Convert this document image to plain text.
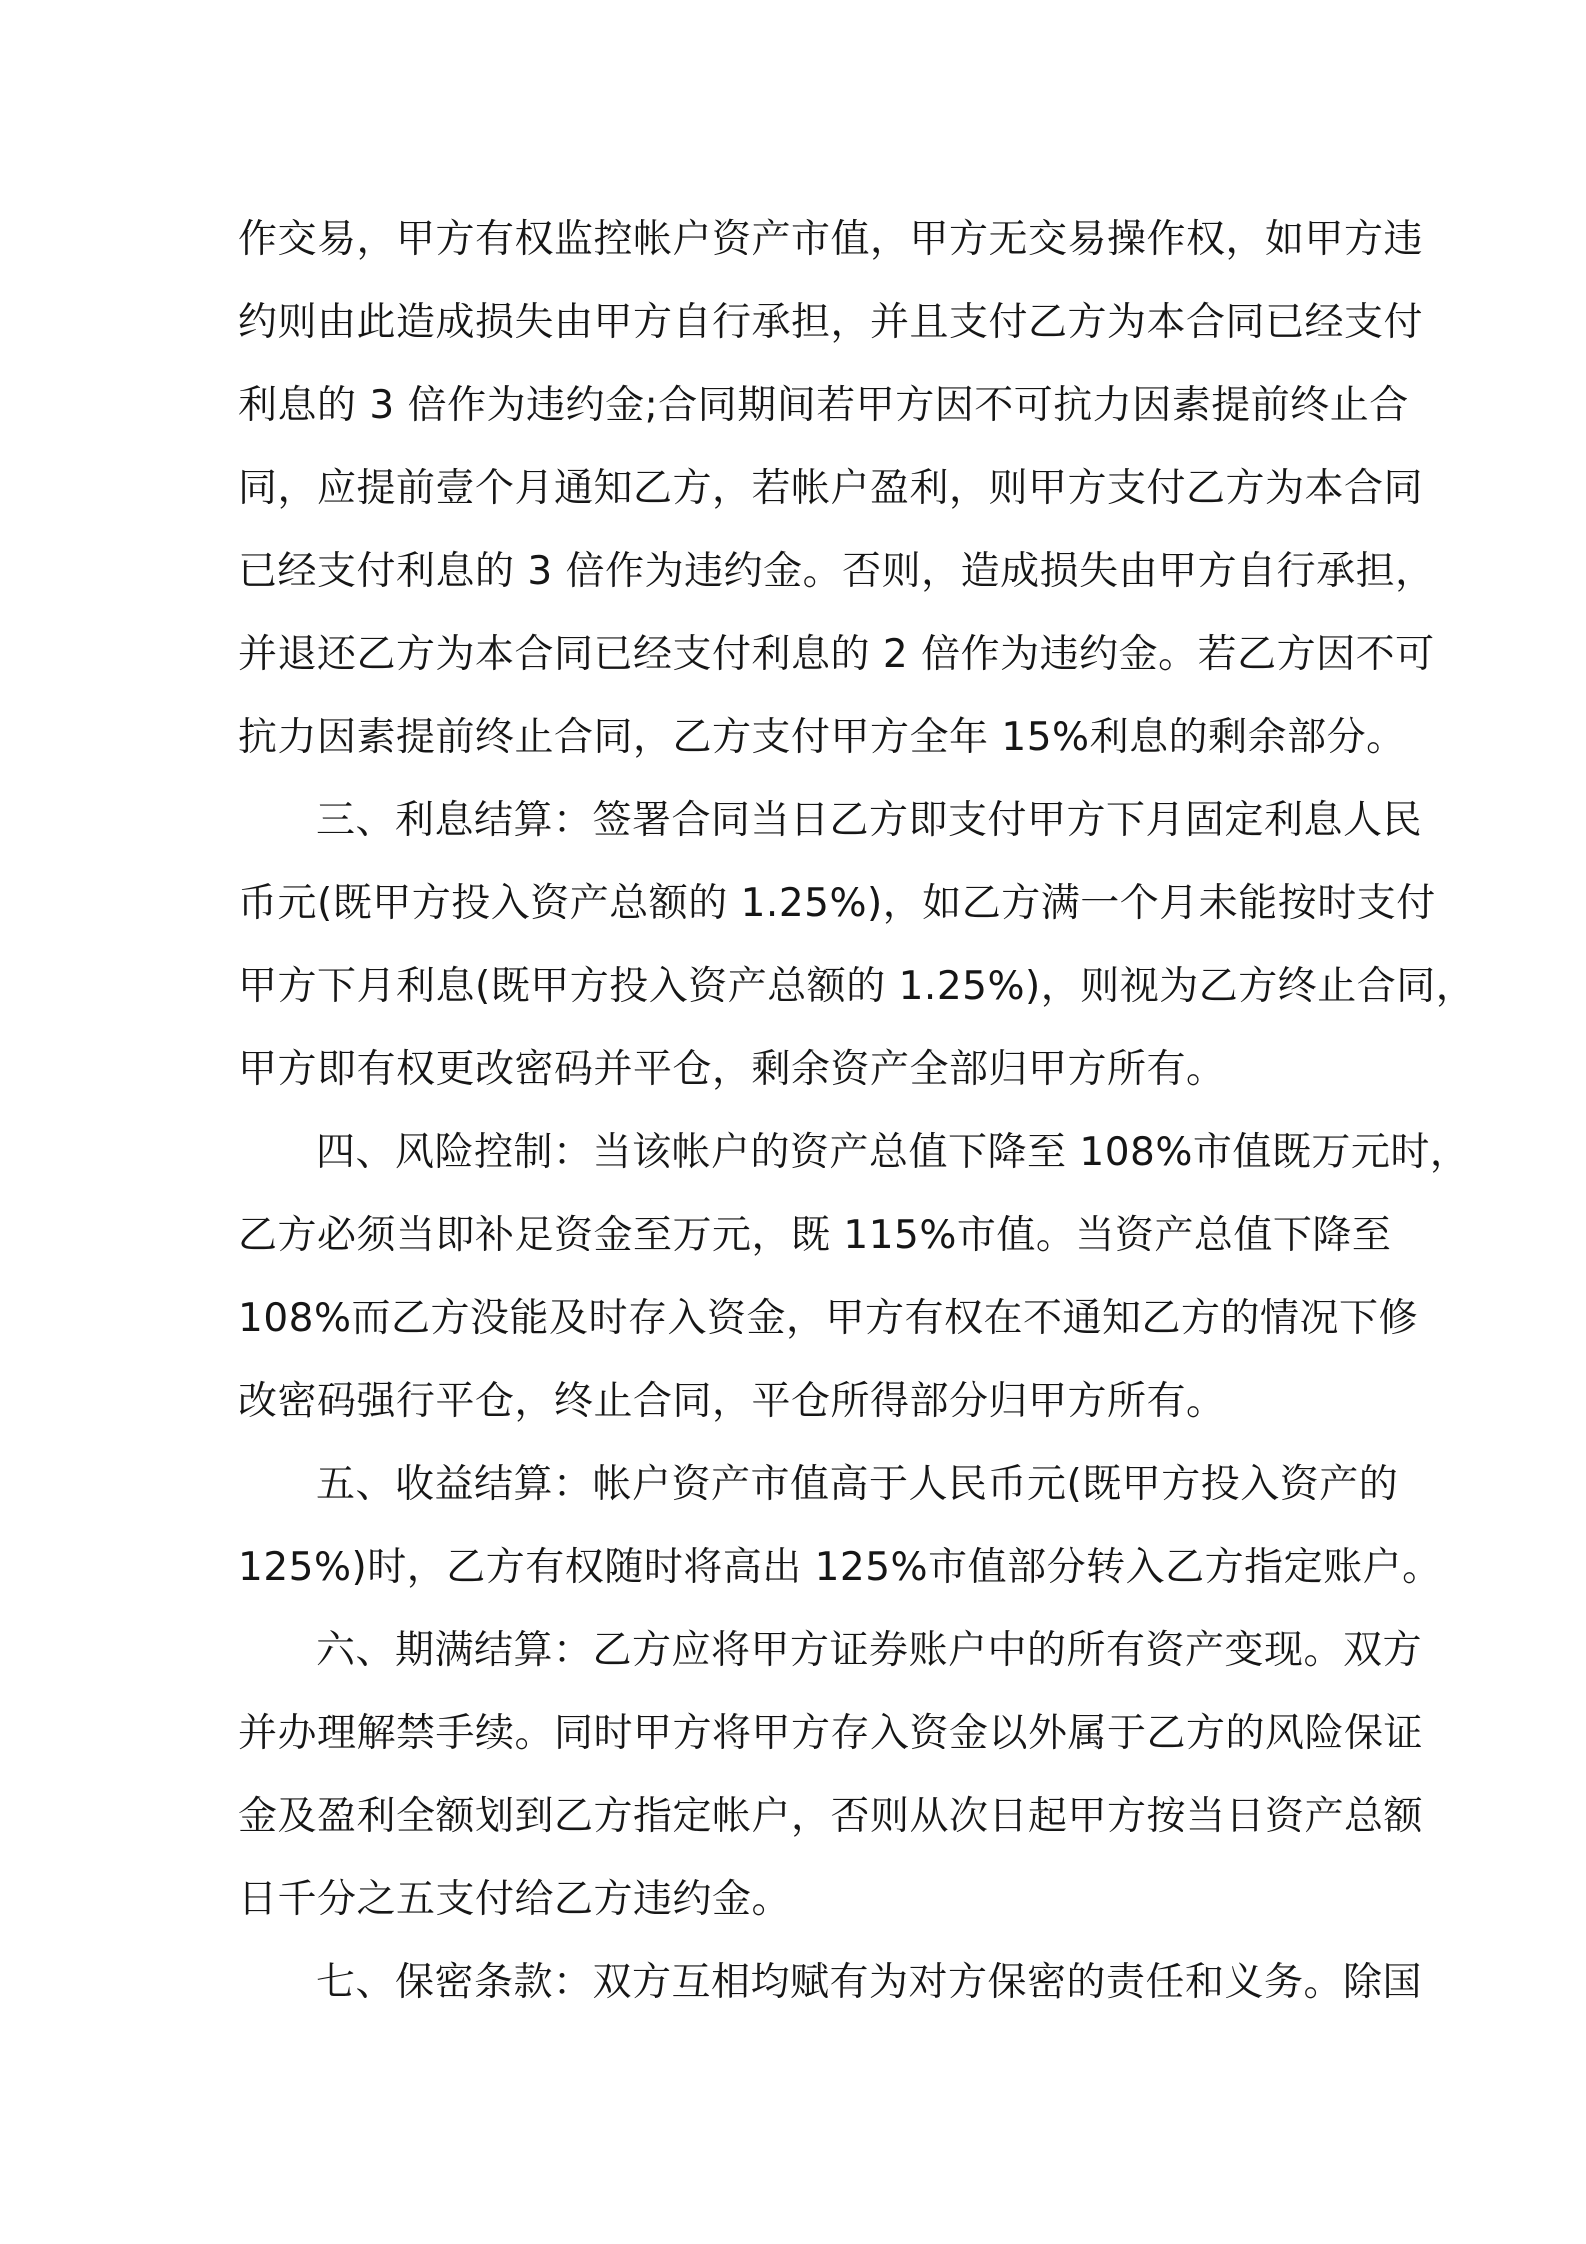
作交易，甲方有权监控帐户资产市值，甲方无交易操作权，如甲方违
约则由此造成损失由甲方自行承担，并且支付乙方为本合同已经支付
利息的 3 倍作为违约金;合同期间若甲方因不可抗力因素提前终止合
同，应提前壹个月通知乙方，若帐户盈利，则甲方支付乙方为本合同
已经支付利息的 3 倍作为违约金。否则，造成损失由甲方自行承担，
并退还乙方为本合同已经支付利息的 2 倍作为违约金。若乙方因不可
抗力因素提前终止合同，乙方支付甲方全年 15%利息的剩余部分。
三、利息结算：签署合同当日乙方即支付甲方下月固定利息人民
币元(既甲方投入资产总额的 1.25%)，如乙方满一个月未能按时支付
甲方下月利息(既甲方投入资产总额的 1.25%)，则视为乙方终止合同，
甲方即有权更改密码并平仓，剩余资产全部归甲方所有。
四、风险控制：当该帐户的资产总值下降至 108%市值既万元时，
乙方必须当即补足资金至万元，既 115%市值。当资产总值下降至
108%而乙方没能及时存入资金，甲方有权在不通知乙方的情况下修
改密码强行平仓，终止合同，平仓所得部分归甲方所有。
五、收益结算：帐户资产市值高于人民币元(既甲方投入资产的
125%)时，乙方有权随时将高出 125%市值部分转入乙方指定账户。
六、期满结算：乙方应将甲方证券账户中的所有资产变现。双方
并办理解禁手续。同时甲方将甲方存入资金以外属于乙方的风险保证
金及盈利全额划到乙方指定帐户，否则从次日起甲方按当日资产总额
日千分之五支付给乙方违约金。
七、保密条款：双方互相均赋有为对方保密的责任和义务。除国
